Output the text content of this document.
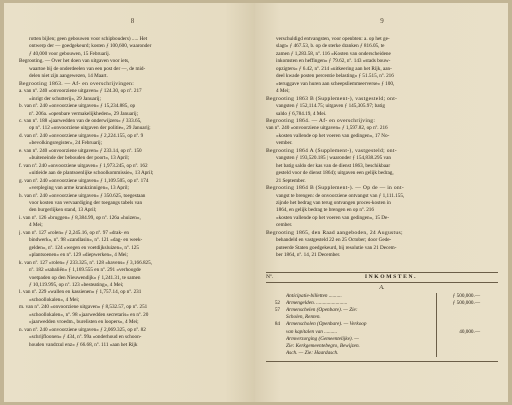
8
rotten bijlen; geen gebouwen voor schipbouders) ..... Het
ontwerp der — goedgekeurd; kosten ƒ 100,600, waaronder
ƒ 40,000 voor gebouwen, 15 Februarij.
Begrooting. — Over het doen van uitgaven voor iets,
waartoe bij de onderdeelen van een post der —, de mid-
delen niet zijn aangewezen, 14 Maart.
Begrooting 1863. — Af- en overschrijvingen:
a. van nº. 240 «onvoorziene uitgaven» ƒ 124.30, op nº. 217
«inrigt der schutterij», 29 Januarij;
b. van nº. 240 «onvoorziene uitgaven» ƒ 15,234.885, op
nº. 206a. «openbare vermakelijkheden», 29 Januarij;
c. van nº. 188 «jaarwedden van de onderwijzers» ƒ 333.65,
op nº. 112 «onvoorziene uitgaven der politie», 29 Januarij;
d. van nº. 240 «onvoorziene uitgaven» ƒ 2,224.155, op nº. 9
«bevolkingsregister», 24 Februarij;
e. van nº. 240 «onvoorziene uitgaven» ƒ 233.14, op nº. 150
«buiteneinde der bebouden der poort», 13 April;
f. van nº. 240 «onvoorziene uitgaven» ƒ 1,973.245, op nº. 162
«uitleide aan de plantsoenlijke schoolkommissie», 13 April;
g. van nº. 240 «onvoorziene uitgaven» ƒ 1,109.505, op nº. 174
«verpleging van arme krankzinnigen», 13 April;
h. van nº. 240 «onvoorziene uitgaven» ƒ 350.625, toegestaan
voor kosten van vervaardiging der toegangs tabels van
den burgerlijken stand, 13 April;
i. van nº. 126 «bruggen» ƒ 8,384.99, op nº. 126a «huizen»,
4 Mei;
j. van nº. 127 «rolen» ƒ 2,245.16, op nº. 97 «drak- en
bindwerk», nº. 98 «zandlasin», nº. 121 «dag- en week-
gelden», nº. 124 «wegen en voetdijksluizen», nº. 125
«plantsoenen» en nº. 129 «diepwerken», 4 Mei;
k. van nº. 127 «rolen» ƒ 233.325, nº. 128 «havens» ƒ 3,166.825,
nº. 182 «sabaliën» ƒ 1,169.555 en nº. 291 «verhoogde
voetpaden op den Nieuwendijk» ƒ 1,241.31, te samen
ƒ 10,119.995, op nº. 123 «besteating», 4 Mei;
l. van nº. 229 «wallen en kassienen» ƒ 1,757.14, op nº. 231
«schoollokalen», 4 Mei;
m. van nº. 240 «onvoorziene uitgaven» ƒ 8,532.57, op nº. 251
«schoollokalen», nº. 98 «jaarwedden secretaris» en nº. 20
«jaarwedden vroedm., burelisten en loopers», 4 Mei;
n. van nº. 240 «onvoorziene uitgaven» ƒ 2,069.325, op nº. 82
«schrijfloonen» ƒ 434, nº. 99a «onderhoud en schoon-
houden vandrzul enz» ƒ 66.68, nº. 111 «aan het Rijk
9
verschuldigd entvangsten, voor openbten: a. op het ge-
slagt» ƒ 467.53, b. op de sterke dranken ƒ 816.05, te
zamen ƒ 1,283.58, nº. 116 «Kosten van onderscheidene
inkomsten en heffingen» ƒ 79.62, nº. 143 «stads bouw-
opzigters» ƒ 6.42, nº. 214 «uitkeering aan het Rijk, aan-
deel kwade posten percentie belasting» ƒ 51.515, nº. 216
«teruggave van huren aan scheepsliemmeerverse» ƒ 100,
4 Mei;
Begrooting 1863 B (Supplement-), vastgesteld; ont-
vangsten ƒ 152,114.75; uitgaven ƒ 145,305.97; batig
saldo ƒ 6,784.19, 4 Mei.
Begrooting 1864. — Af- en overschrijving:
van nº. 240 «onvoorziene uitgaven» ƒ 1,597.82, op nº. 216
«kosten vallende op het voeren van gedingen», 17 No-
vember.
Begrooting 1864 A (Supplement-), vastgesteld; ont-
vangsten ƒ 193,520.185 | waaronder ƒ 154,838.295 van
het batig saldo der kas van de dienst 1863, beschikbaar
gesteld voor de dienst 1864); uitgaven een gelijk bedrag,
21 September.
Begrooting 1864 B (Supplement-). — Op de — in ont-
vangst te brengen: de onvoorziene ontvangst van ƒ 1,111.155,
zijnde het bedrag van terug ontvangen proces-kosten in
1864, en gelijk bedrag te brengen en op nº. 216
«kosten vallende op het voeren van gedingen», 15 De-
cember.
Begrooting 1865, den Raad aangeboden, 24 Augustus;
behandeld en vastgesteld 22 en 25 October; door Gede-
puteerde Staten goedgekeurd, bij resolutie van 21 Decem-
ber 1864, nº. 14, 21 December.
Nº.	INKOMSTEN.
A.
Anticipatie-billetten ..........	ƒ 500,000.—
52	Armengelden. ........................	ƒ 500,000.—
57	Armenschelen (Openbare). — Zie:
Scholen, Renten.
84	Armenscholen (Openbare). — Verkoop
van kapitalen van ..........	40,000.—
Armverzorging (Gemeentelijke). —
Zie: Kerkgemeentebegro, Bewijzen.
Asch. — Zie: Haardasch.
